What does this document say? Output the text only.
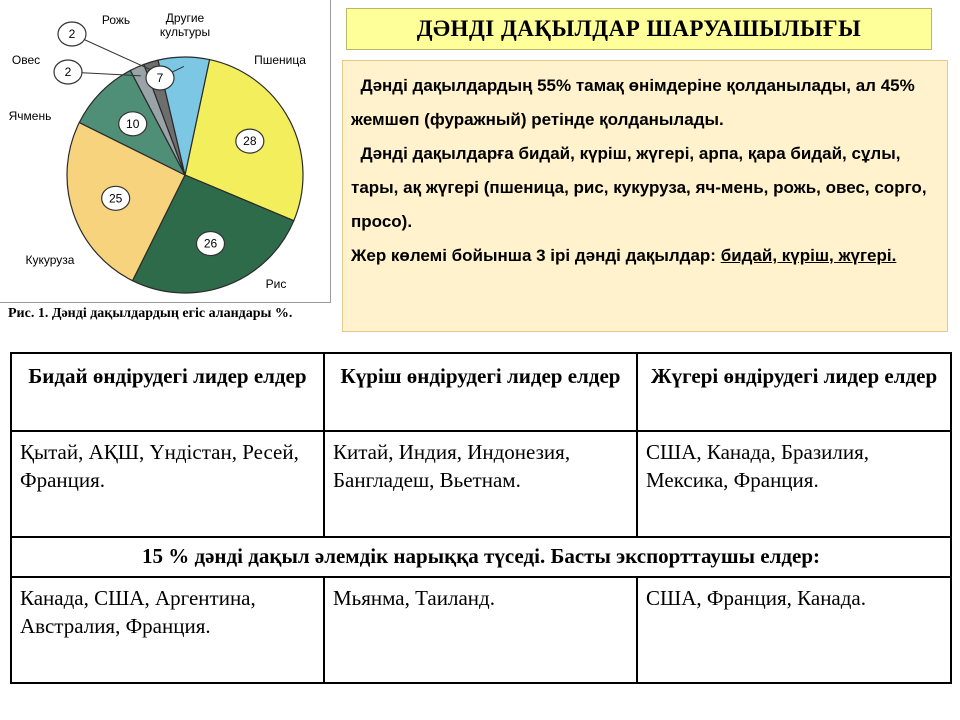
28
26
25
10
2
2
7
Пшеница
Рис
Кукуруза
Ячмень
Овес
Рожь	Другие
культуры
Рис. 1. Дәнді дақылдардың егіс аландары %.
ДӘНДІ ДАҚЫЛДАР ШАРУАШЫЛЫҒЫ

Дәнді дақылдардың 55% тамақ өнімдеріне қолданылады, ал 45% жемшөп (фуражный) ретінде қолданылады.

Дәнді дақылдарға бидай, күріш, жүгері, арпа, қара бидай, сұлы, тары, ақ жүгері (пшеница, рис, кукуруза, яч-мень, рожь, овес, сорго, просо).

Жер көлемі бойынша 3 ірі дәнді дақылдар: бидай, күріш, жүгері.

Бидай өндірудегі лидер елдер	Күріш өндірудегі лидер елдер	Жүгері өндірудегі лидер елдер
Қытай, АҚШ, Үндістан, Ресей, Франция.	Китай, Индия, Индонезия, Бангладеш, Вьетнам.	США, Канада, Бразилия, Мексика, Франция.
15 % дәнді дақыл әлемдік нарыққа түседі. Басты экспорттаушы елдер:		
Канада, США, Аргентина, Австралия, Франция.	Мьянма, Таиланд.	США, Франция, Канада.
